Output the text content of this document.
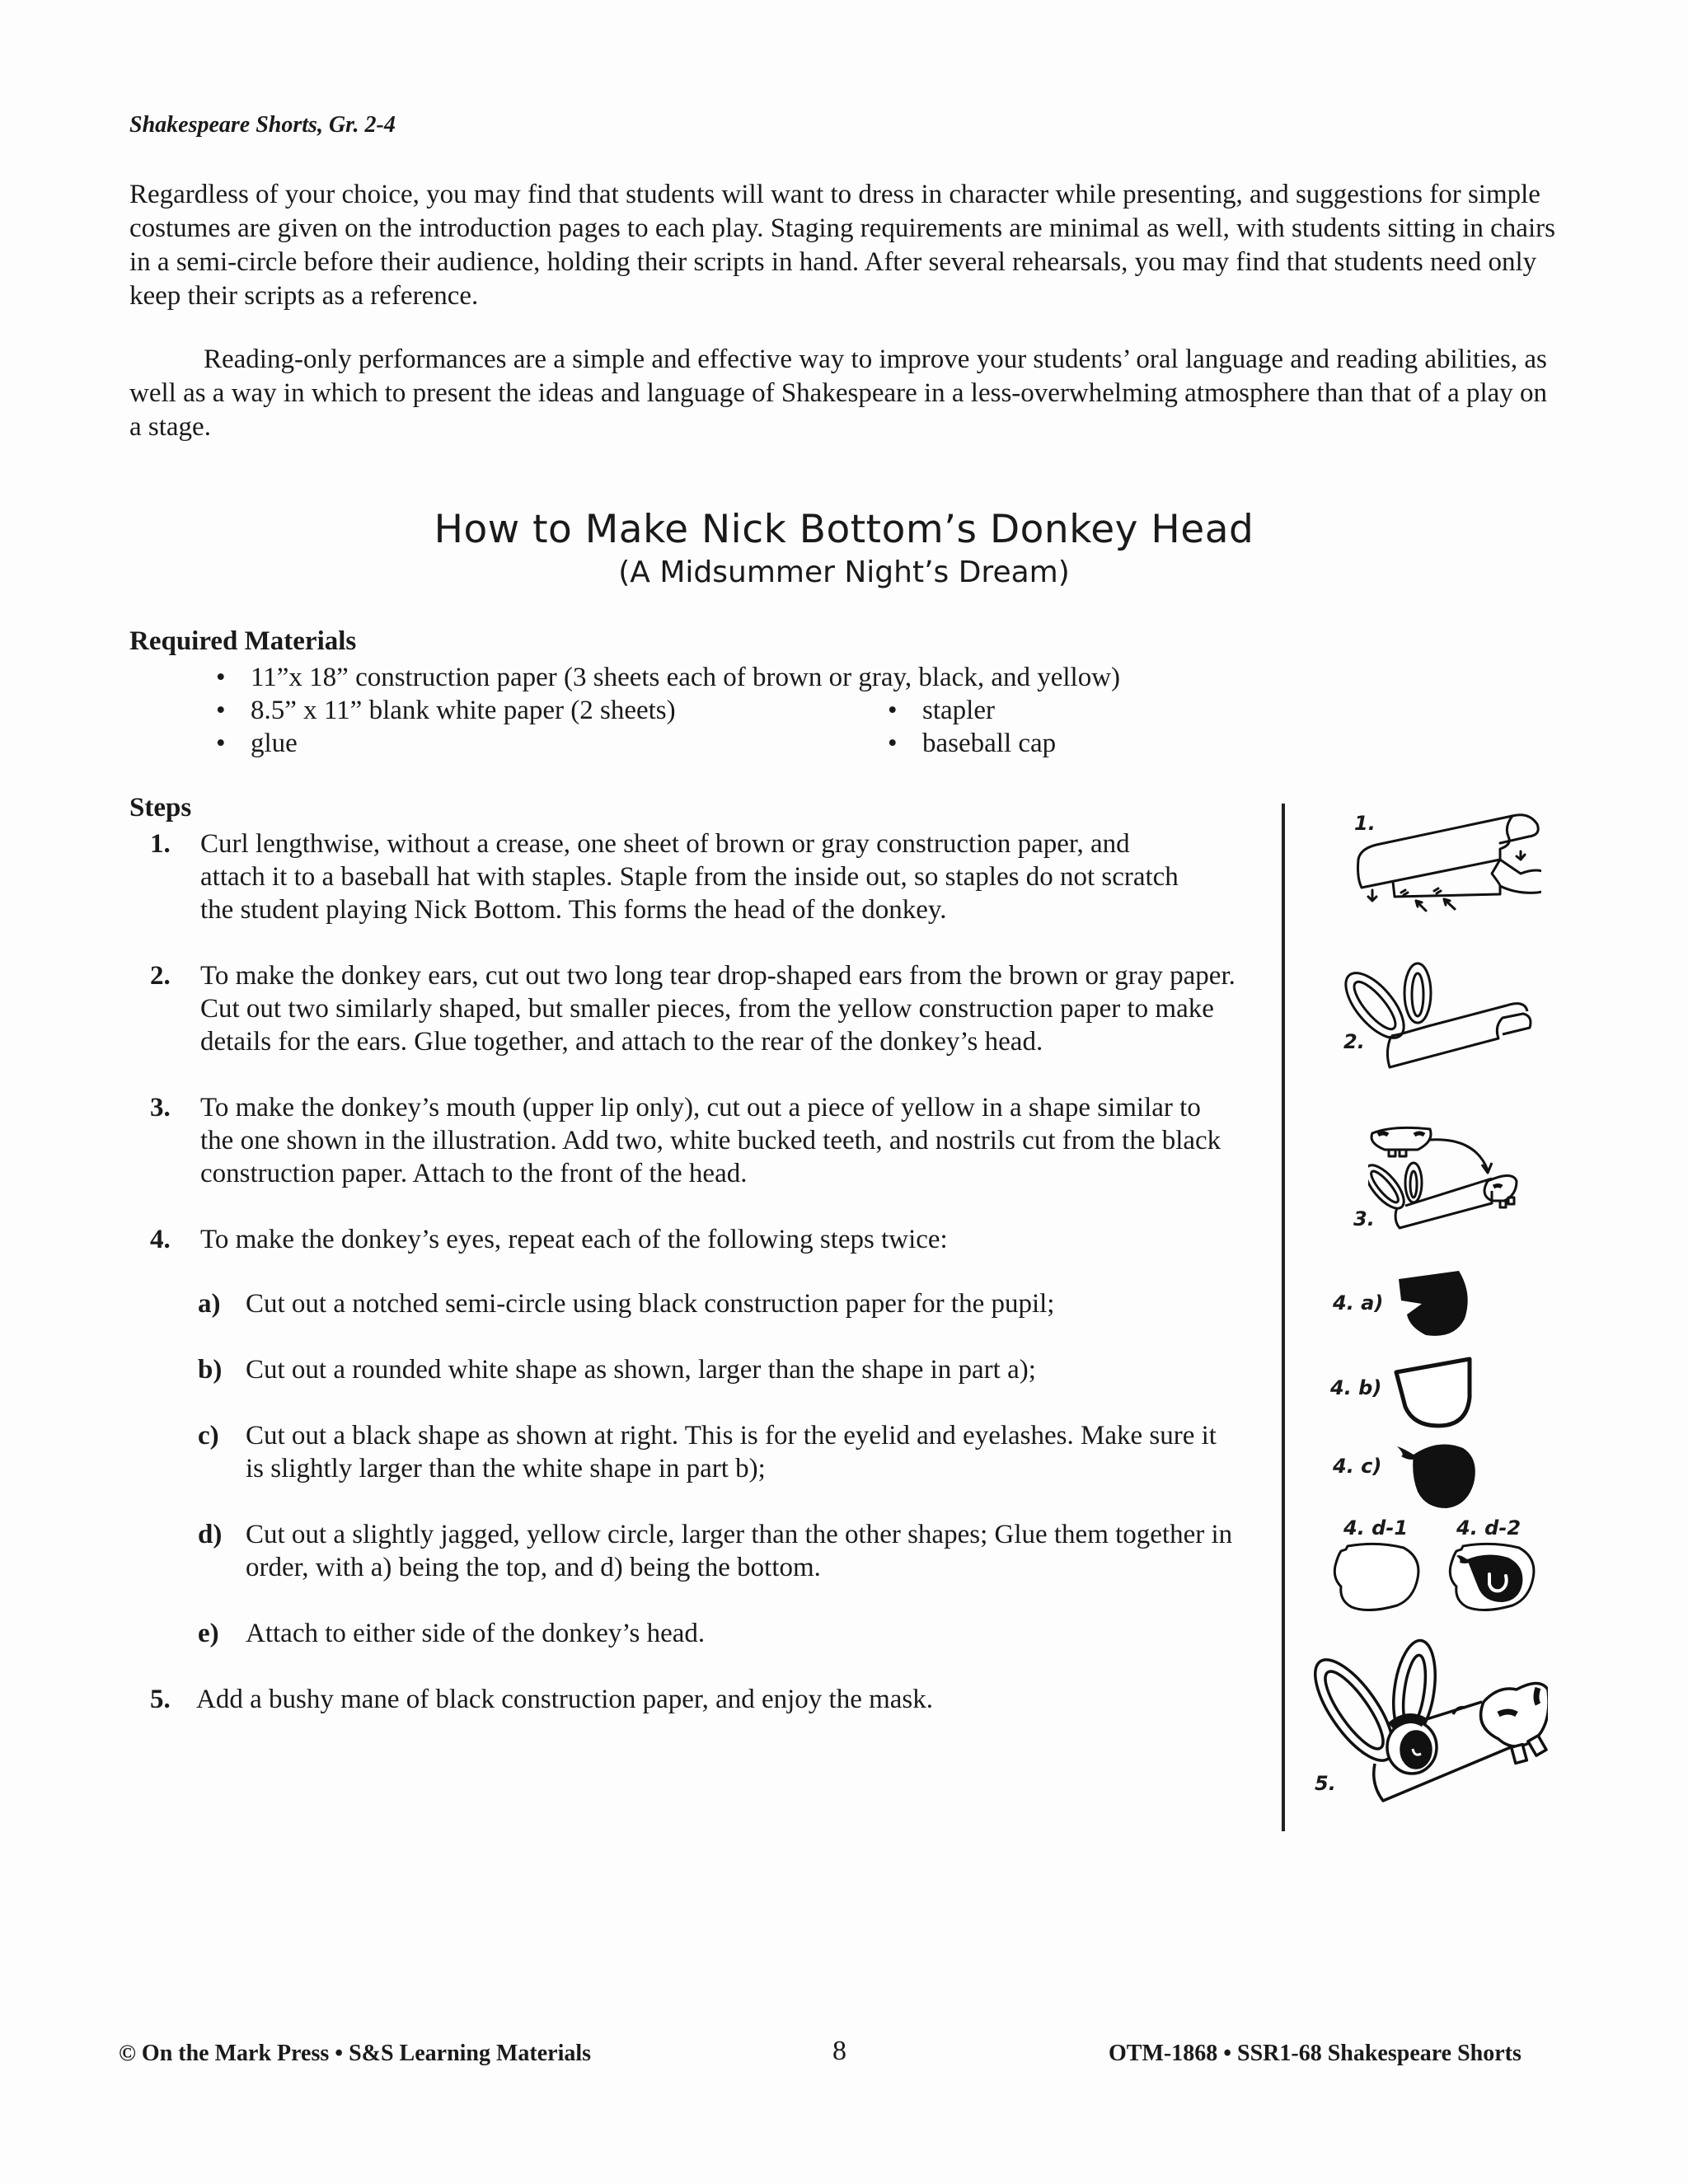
Shakespeare Shorts, Gr. 2-4

Regardless of your choice, you may find that students will want to dress in character while presenting, and suggestions for simple costumes are given on the introduction pages to each play. Staging requirements are minimal as well, with students sitting in chairs in a semi-circle before their audience, holding their scripts in hand. After several rehearsals, you may find that students need only keep their scripts as a reference.

Reading-only performances are a simple and effective way to improve your students’ oral language and reading abilities, as well as a way in which to present the ideas and language of Shakespeare in a less-overwhelming atmosphere than that of a play on a stage.

How to Make Nick Bottom’s Donkey Head
(A Midsummer Night’s Dream)
Required Materials
• 11”x 18” construction paper (3 sheets each of brown or gray, black, and yellow)
• 8.5” x 11” blank white paper (2 sheets)
• glue
• stapler
• baseball cap
Steps
1. Curl lengthwise, without a crease, one sheet of brown or gray construction paper, and attach it to a baseball hat with staples. Staple from the inside out, so staples do not scratch the student playing Nick Bottom. This forms the head of the donkey.
2. To make the donkey ears, cut out two long tear drop-shaped ears from the brown or gray paper. Cut out two similarly shaped, but smaller pieces, from the yellow construction paper to make details for the ears. Glue together, and attach to the rear of the donkey’s head.
3. To make the donkey’s mouth (upper lip only), cut out a piece of yellow in a shape similar to the one shown in the illustration. Add two, white bucked teeth, and nostrils cut from the black construction paper. Attach to the front of the head.
4. To make the donkey’s eyes, repeat each of the following steps twice:
a) Cut out a notched semi-circle using black construction paper for the pupil;
b) Cut out a rounded white shape as shown, larger than the shape in part a);
c) Cut out a black shape as shown at right. This is for the eyelid and eyelashes. Make sure it is slightly larger than the white shape in part b);
d) Cut out a slightly jagged, yellow circle, larger than the other shapes; Glue them together in order, with a) being the top, and d) being the bottom.
e) Attach to either side of the donkey’s head.
5. Add a bushy mane of black construction paper, and enjoy the mask.
1.
2.
3.
4. a)
4. b)
4. c)
4. d-1 4. d-2
5.
© On the Mark Press • S&S Learning Materials	8	OTM-1868 • SSR1-68 Shakespeare Shorts
